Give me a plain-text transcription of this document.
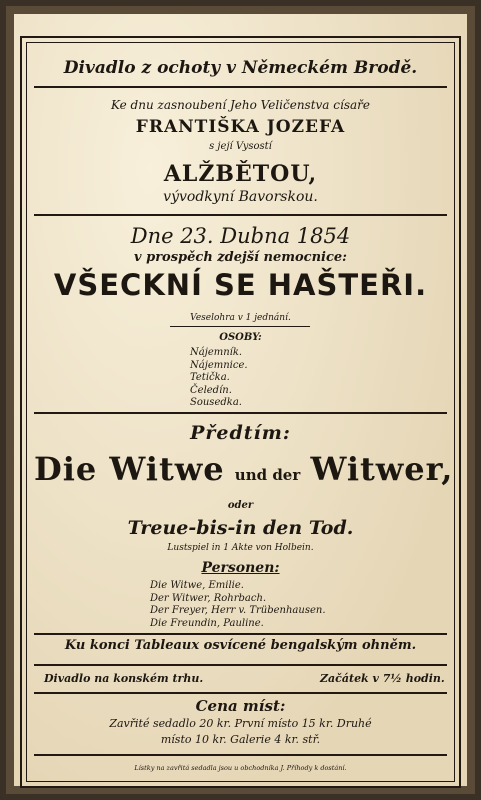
Divadlo z ochoty v Německém Brodě.
Ke dnu zasnoubení Jeho Veličenstva císaře
FRANTIŠKA JOZEFA
s její Vysostí
ALŽBĚTOU,
vývodkyní Bavorskou.
Dne 23. Dubna 1854
v prospěch zdejší nemocnice:
VŠECKNÍ SE HAŠTEŘI.
Veselohra v 1 jednání.
OSOBY:
Nájemník.
Nájemnice.
Tetička.
Čeledín.
Sousedka.
Předtím:
Die Witwe und der Witwer,
oder
Treue-bis-in den Tod.
Lustspiel in 1 Akte von Holbein.
Personen:
Die Witwe, Emilie.
Der Witwer, Rohrbach.
Der Freyer, Herr v. Trübenhausen.
Die Freundin, Pauline.
Ku konci Tableaux osvícené bengalským ohněm.
Divadlo na konském trhu.	Začátek v 7½ hodin.
Cena míst:
Zavřité sedadlo 20 kr. První místo 15 kr. Druhé
místo 10 kr. Galerie 4 kr. stř.
Lístky na zavřitá sedadla jsou u obchodníka J. Příhody k dostání.
